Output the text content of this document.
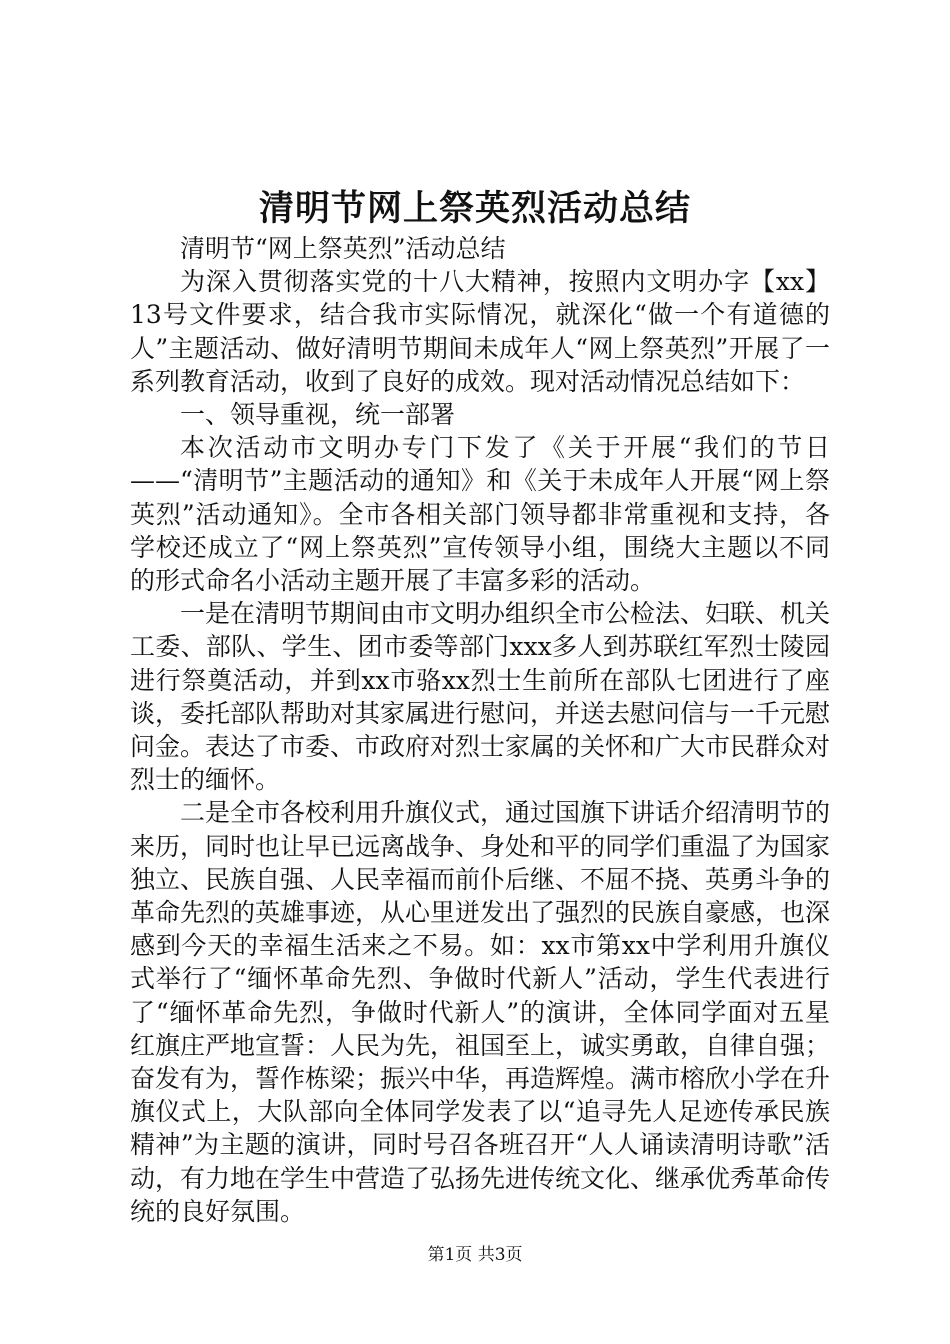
清明节网上祭英烈活动总结

清明节“网上祭英烈”活动总结

为深入贯彻落实党的十八大精神，按照内文明办字【xx】13号文件要求，结合我市实际情况，就深化“做一个有道德的人”主题活动、做好清明节期间未成年人“网上祭英烈”开展了一系列教育活动，收到了良好的成效。现对活动情况总结如下：

一、领导重视，统一部署

本次活动市文明办专门下发了《关于开展“我们的节日——“清明节”主题活动的通知》和《关于未成年人开展“网上祭英烈”活动通知》。全市各相关部门领导都非常重视和支持，各学校还成立了“网上祭英烈”宣传领导小组，围绕大主题以不同的形式命名小活动主题开展了丰富多彩的活动。

一是在清明节期间由市文明办组织全市公检法、妇联、机关工委、部队、学生、团市委等部门xxx多人到苏联红军烈士陵园进行祭奠活动，并到xx市骆xx烈士生前所在部队七团进行了座谈，委托部队帮助对其家属进行慰问，并送去慰问信与一千元慰问金。表达了市委、市政府对烈士家属的关怀和广大市民群众对烈士的缅怀。

二是全市各校利用升旗仪式，通过国旗下讲话介绍清明节的来历，同时也让早已远离战争、身处和平的同学们重温了为国家独立、民族自强、人民幸福而前仆后继、不屈不挠、英勇斗争的革命先烈的英雄事迹，从心里迸发出了强烈的民族自豪感，也深感到今天的幸福生活来之不易。如：xx市第xx中学利用升旗仪式举行了“缅怀革命先烈、争做时代新人”活动，学生代表进行了“缅怀革命先烈，争做时代新人”的演讲，全体同学面对五星红旗庄严地宣誓：人民为先，祖国至上，诚实勇敢，自律自强；奋发有为，誓作栋梁；振兴中华，再造辉煌。满市榕欣小学在升旗仪式上，大队部向全体同学发表了以“追寻先人足迹传承民族精神”为主题的演讲，同时号召各班召开“人人诵读清明诗歌”活动，有力地在学生中营造了弘扬先进传统文化、继承优秀革命传统的良好氛围。

第1页 共3页
